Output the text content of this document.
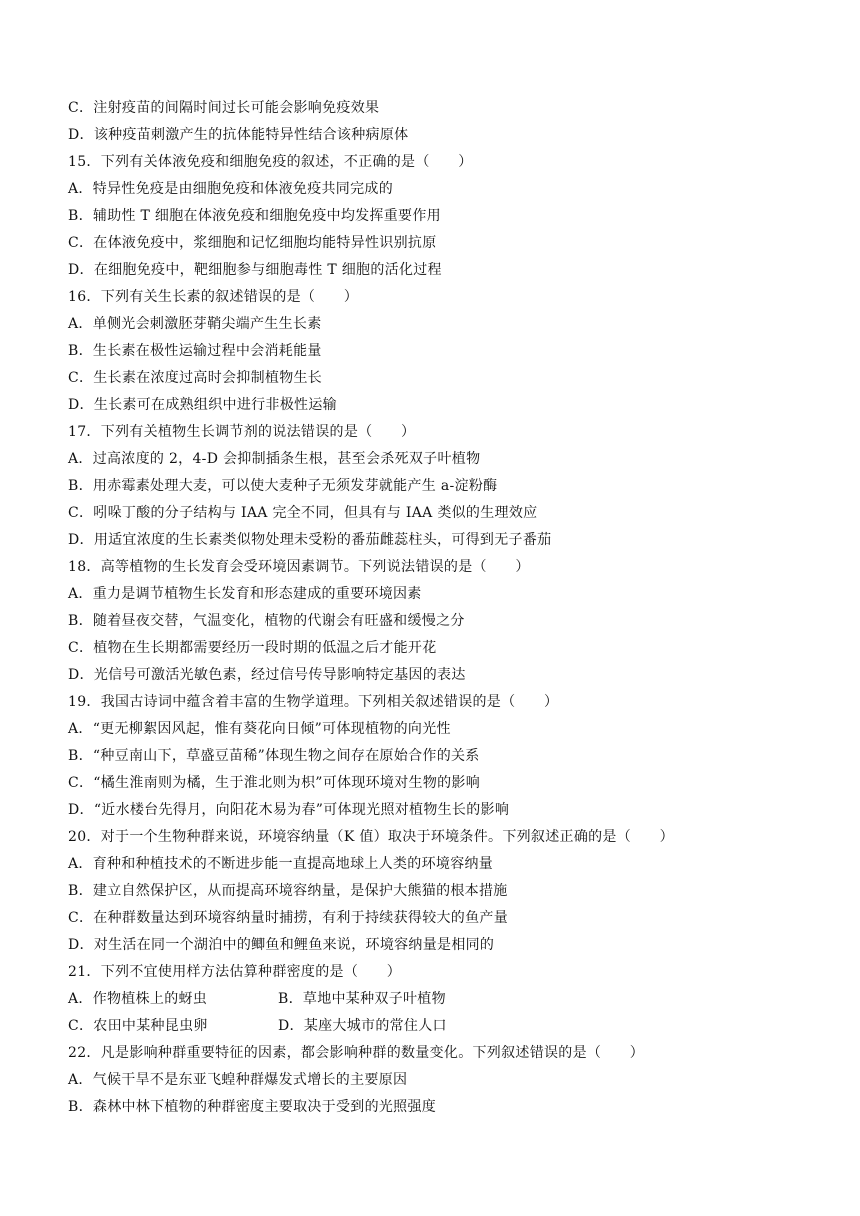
C．注射疫苗的间隔时间过长可能会影响免疫效果
D．该种疫苗刺激产生的抗体能特异性结合该种病原体
15．下列有关体液免疫和细胞免疫的叙述，不正确的是（　　）
A．特异性免疫是由细胞免疫和体液免疫共同完成的
B．辅助性 T 细胞在体液免疫和细胞免疫中均发挥重要作用
C．在体液免疫中，浆细胞和记忆细胞均能特异性识别抗原
D．在细胞免疫中，靶细胞参与细胞毒性 T 细胞的活化过程
16．下列有关生长素的叙述错误的是（　　）
A．单侧光会刺激胚芽鞘尖端产生生长素
B．生长素在极性运输过程中会消耗能量
C．生长素在浓度过高时会抑制植物生长
D．生长素可在成熟组织中进行非极性运输
17．下列有关植物生长调节剂的说法错误的是（　　）
A．过高浓度的 2，4-D 会抑制插条生根，甚至会杀死双子叶植物
B．用赤霉素处理大麦，可以使大麦种子无须发芽就能产生 a-淀粉酶
C．吲哚丁酸的分子结构与 IAA 完全不同，但具有与 IAA 类似的生理效应
D．用适宜浓度的生长素类似物处理未受粉的番茄雌蕊柱头，可得到无子番茄
18．高等植物的生长发育会受环境因素调节。下列说法错误的是（　　）
A．重力是调节植物生长发育和形态建成的重要环境因素
B．随着昼夜交替，气温变化，植物的代谢会有旺盛和缓慢之分
C．植物在生长期都需要经历一段时期的低温之后才能开花
D．光信号可激活光敏色素，经过信号传导影响特定基因的表达
19．我国古诗词中蕴含着丰富的生物学道理。下列相关叙述错误的是（　　）
A．“更无柳絮因风起，惟有葵花向日倾”可体现植物的向光性
B．“种豆南山下，草盛豆苗稀”体现生物之间存在原始合作的关系
C．“橘生淮南则为橘，生于淮北则为枳”可体现环境对生物的影响
D．“近水楼台先得月，向阳花木易为春”可体现光照对植物生长的影响
20．对于一个生物种群来说，环境容纳量（K 值）取决于环境条件。下列叙述正确的是（　　）
A．育种和种植技术的不断进步能一直提高地球上人类的环境容纳量
B．建立自然保护区，从而提高环境容纳量，是保护大熊猫的根本措施
C．在种群数量达到环境容纳量时捕捞，有利于持续获得较大的鱼产量
D．对生活在同一个湖泊中的鲫鱼和鲤鱼来说，环境容纳量是相同的
21．下列不宜使用样方法估算种群密度的是（　　）
A．作物植株上的蚜虫	B．草地中某种双子叶植物
C．农田中某种昆虫卵	D．某座大城市的常住人口
22．凡是影响种群重要特征的因素，都会影响种群的数量变化。下列叙述错误的是（　　）
A．气候干旱不是东亚飞蝗种群爆发式增长的主要原因
B．森林中林下植物的种群密度主要取决于受到的光照强度
